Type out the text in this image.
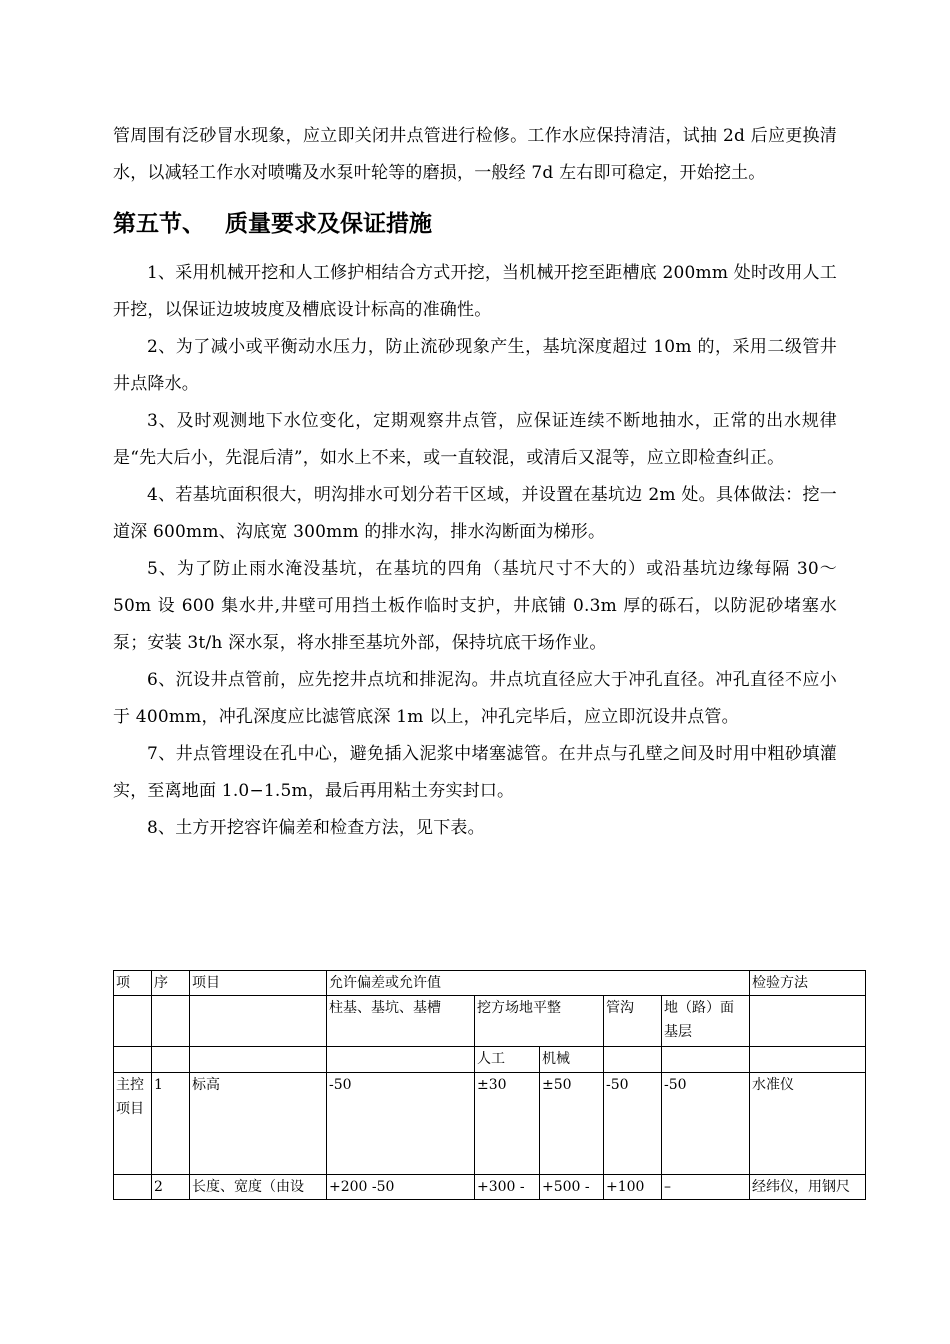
管周围有泛砂冒水现象，应立即关闭井点管进行检修。工作水应保持清洁，试抽 2d 后应更换清水，以减轻工作水对喷嘴及水泵叶轮等的磨损，一般经 7d 左右即可稳定，开始挖土。

第五节、 质量要求及保证措施

1、采用机械开挖和人工修护相结合方式开挖，当机械开挖至距槽底 200mm 处时改用人工开挖，以保证边坡坡度及槽底设计标高的准确性。

2、为了减小或平衡动水压力，防止流砂现象产生，基坑深度超过 10m 的，采用二级管井井点降水。

3、及时观测地下水位变化，定期观察井点管，应保证连续不断地抽水，正常的出水规律是“先大后小，先混后清”，如水上不来，或一直较混，或清后又混等，应立即检查纠正。

4、若基坑面积很大，明沟排水可划分若干区域，并设置在基坑边 2m 处。具体做法：挖一道深 600mm、沟底宽 300mm 的排水沟，排水沟断面为梯形。

5、为了防止雨水淹没基坑，在基坑的四角（基坑尺寸不大的）或沿基坑边缘每隔 30～50m 设 600 集水井,井壁可用挡土板作临时支护，井底铺 0.3m 厚的砾石，以防泥砂堵塞水泵；安装 3t/h 深水泵，将水排至基坑外部，保持坑底干场作业。

6、沉设井点管前，应先挖井点坑和排泥沟。井点坑直径应大于冲孔直径。冲孔直径不应小于 400mm，冲孔深度应比滤管底深 1m 以上，冲孔完毕后，应立即沉设井点管。

7、井点管埋设在孔中心，避免插入泥浆中堵塞滤管。在井点与孔壁之间及时用中粗砂填灌实，至离地面 1.0−1.5m，最后再用粘土夯实封口。

8、土方开挖容许偏差和检查方法，见下表。

项	序	项目	允许偏差或允许值					检验方法
			柱基、基坑、基槽	挖方场地平整		管沟	地（路）面基层	
				人工	机械			
主控项目	1	标高	-50	±30	±50	-50	-50	水准仪
	2	长度、宽度（由设	+200 -50	+300 -	+500 -	+100	–	经纬仪，用钢尺
